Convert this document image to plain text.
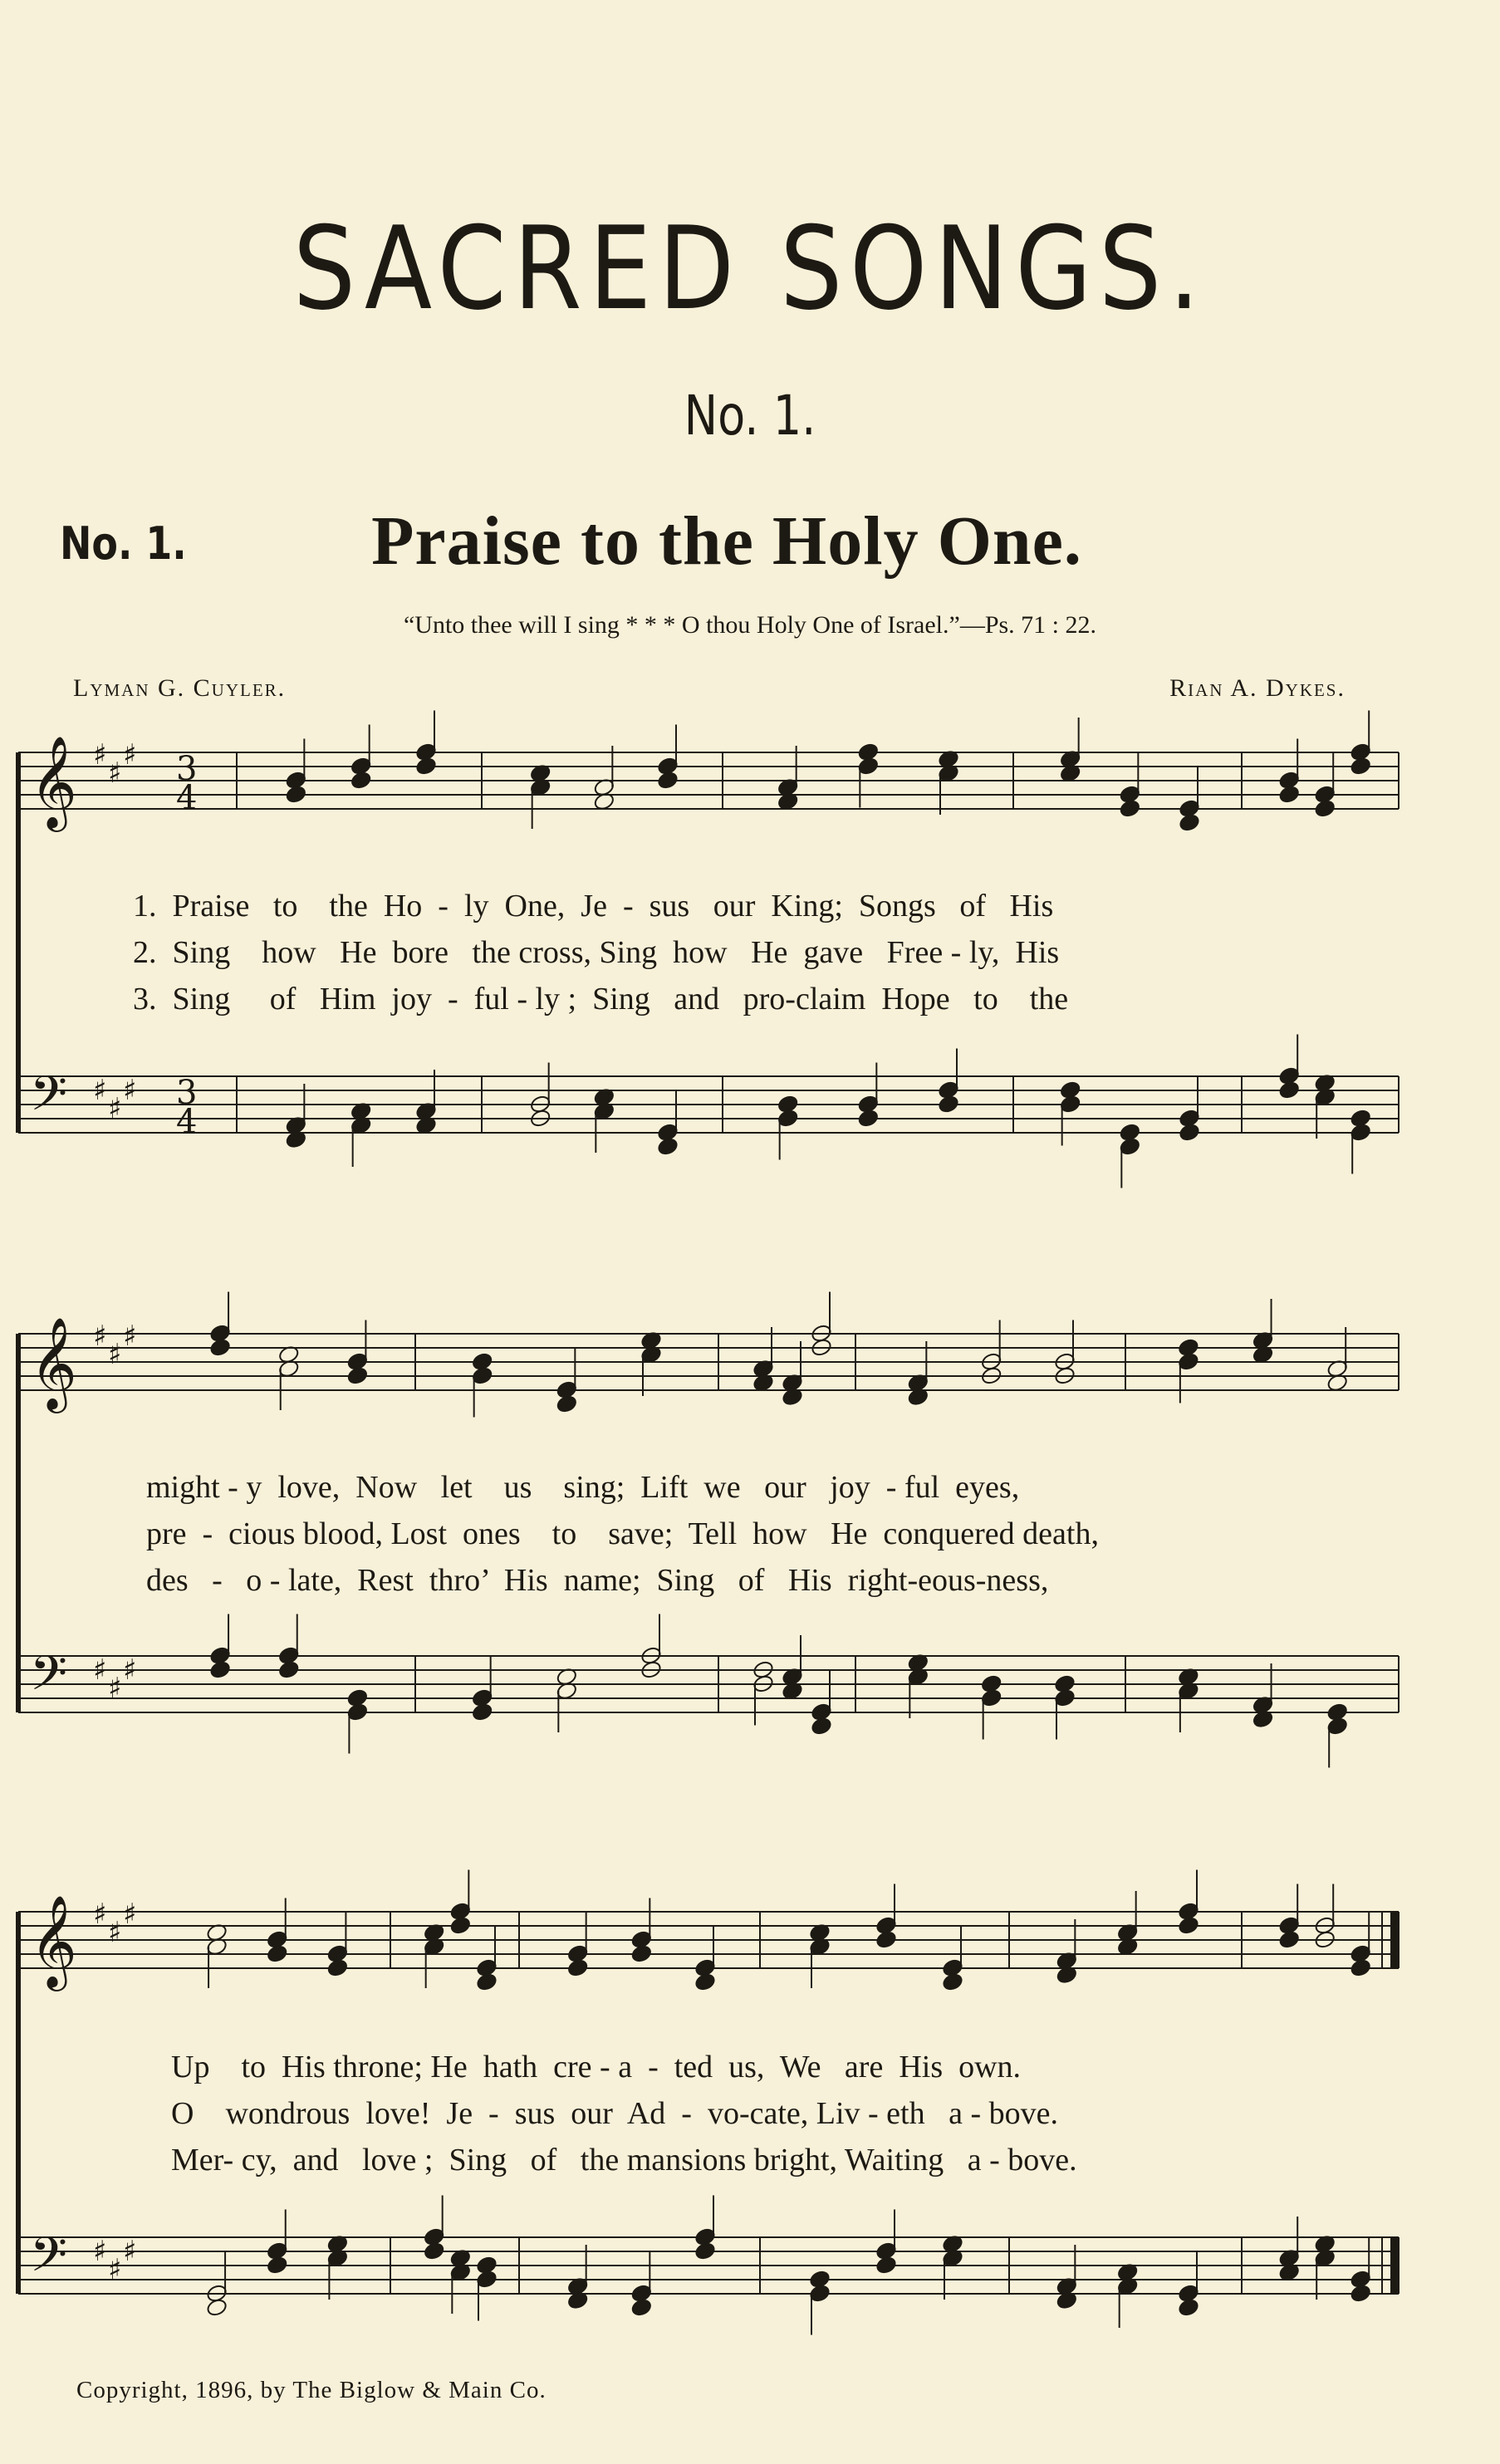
SACRED SONGS.
No. 1.
No. 1.	Praise to the Holy One.
“Unto thee will I sing * * * O thou Holy One of Israel.”—Ps. 71 : 22.
Lyman G. Cuyler.	Rian A. Dykes.
𝄞 ♯
♯
♯ 3
4
𝄢 ♯
♯
♯ 3
4
𝄞 ♯
♯
♯
𝄢 ♯
♯
♯
𝄞 ♯
♯
♯
𝄢 ♯
♯
♯
1.  Praise   to    the  Ho  -  ly  One,  Je  -  sus   our  King;  Songs   of   His
2.  Sing    how   He  bore   the cross, Sing  how   He  gave   Free - ly,  His
3.  Sing     of   Him  joy  -  ful - ly ;  Sing   and   pro-claim  Hope   to    the
might - y  love,  Now   let    us    sing;  Lift  we   our   joy  - ful  eyes,
pre  -  cious blood, Lost  ones    to    save;  Tell  how   He  conquered death,
des   -   o - late,  Rest  thro’  His  name;  Sing   of   His  right-eous-ness,
Up    to  His throne; He  hath  cre - a  -  ted  us,  We   are  His  own.
O    wondrous  love!  Je  -  sus  our  Ad  -  vo-cate, Liv - eth   a - bove.
Mer- cy,  and   love ;  Sing   of   the mansions bright, Waiting   a - bove.
Copyright, 1896, by The Biglow & Main Co.
